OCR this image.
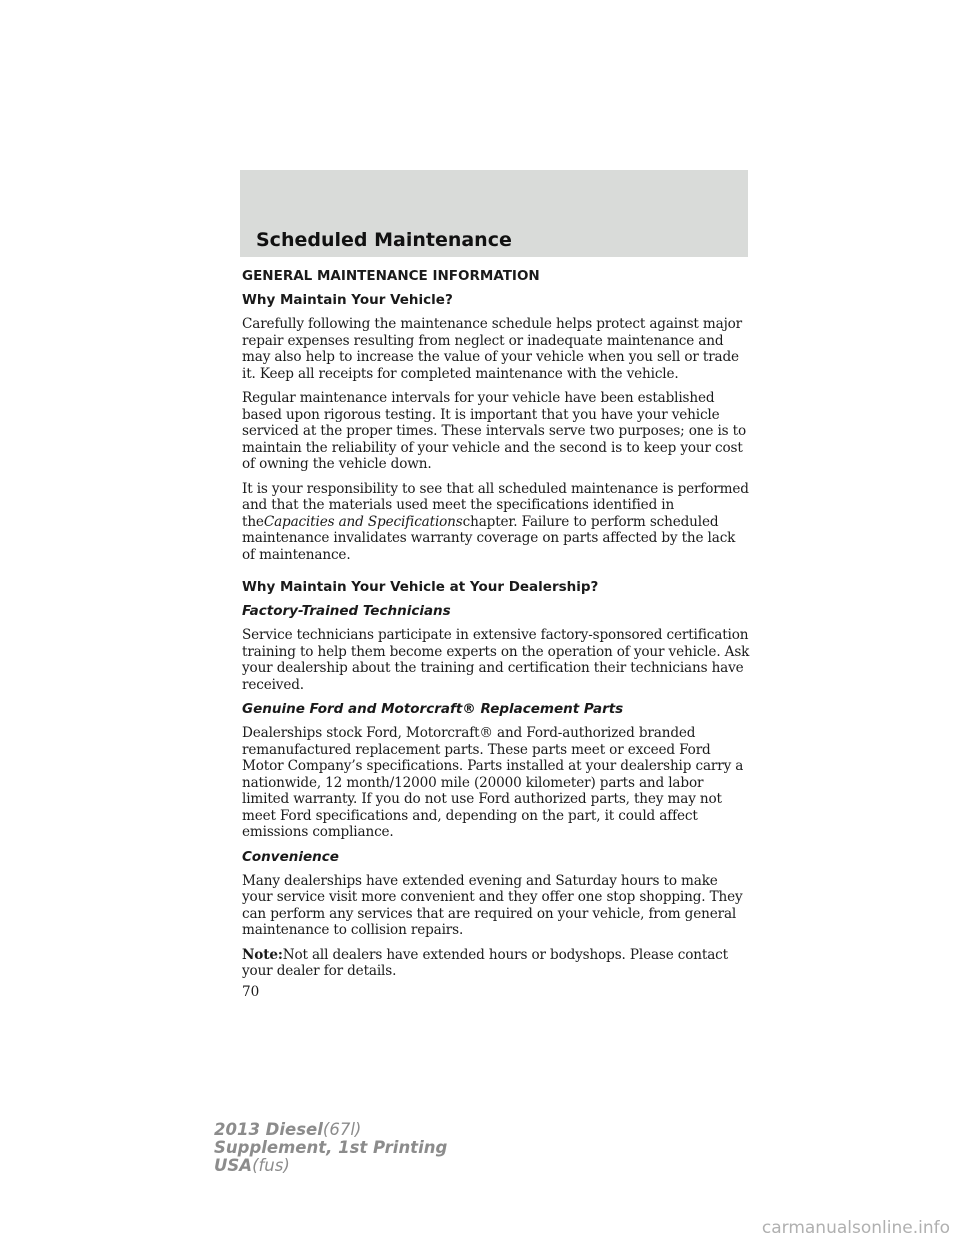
Scheduled Maintenance
GENERAL MAINTENANCE INFORMATION
Why Maintain Your Vehicle?

Carefully following the maintenance schedule helps protect against major repair expenses resulting from neglect or inadequate maintenance and may also help to increase the value of your vehicle when you sell or trade it. Keep all receipts for completed maintenance with the vehicle.

Regular maintenance intervals for your vehicle have been established based upon rigorous testing. It is important that you have your vehicle serviced at the proper times. These intervals serve two purposes; one is to maintain the reliability of your vehicle and the second is to keep your cost of owning the vehicle down.

It is your responsibility to see that all scheduled maintenance is performed and that the materials used meet the specifications identified in theCapacities and Specificationschapter. Failure to perform scheduled maintenance invalidates warranty coverage on parts affected by the lack of maintenance.

Why Maintain Your Vehicle at Your Dealership?
Factory-Trained Technicians

Service technicians participate in extensive factory-sponsored certification training to help them become experts on the operation of your vehicle. Ask your dealership about the training and certification their technicians have received.

Genuine Ford and Motorcraft® Replacement Parts

Dealerships stock Ford, Motorcraft® and Ford-authorized branded remanufactured replacement parts. These parts meet or exceed Ford Motor Company’s specifications. Parts installed at your dealership carry a nationwide, 12 month/12000 mile (20000 kilometer) parts and labor limited warranty. If you do not use Ford authorized parts, they may not meet Ford specifications and, depending on the part, it could affect emissions compliance.

Convenience

Many dealerships have extended evening and Saturday hours to make your service visit more convenient and they offer one stop shopping. They can perform any services that are required on your vehicle, from general maintenance to collision repairs.

Note:Not all dealers have extended hours or bodyshops. Please contact your dealer for details.

70
2013 Diesel(67l)
Supplement, 1st Printing
USA(fus)
carmanualsonline.info
